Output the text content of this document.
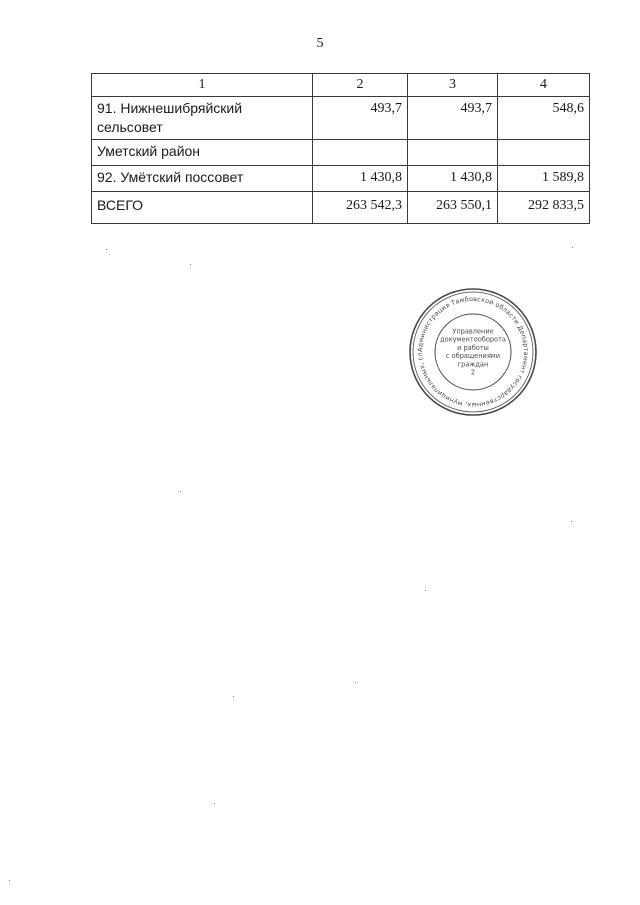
5
1	2	3	4
91. Нижнешибряйский сельсовет	493,7	493,7	548,6
Уметский район			
92. Умётский поссовет	1 430,8	1 430,8	1 589,8
ВСЕГО	263 542,3	263 550,1	292 833,5
Администрация Тамбовской области Департамент государственных, муниципальных, сл
Управление документооборота и работы с обращениями граждан 2
